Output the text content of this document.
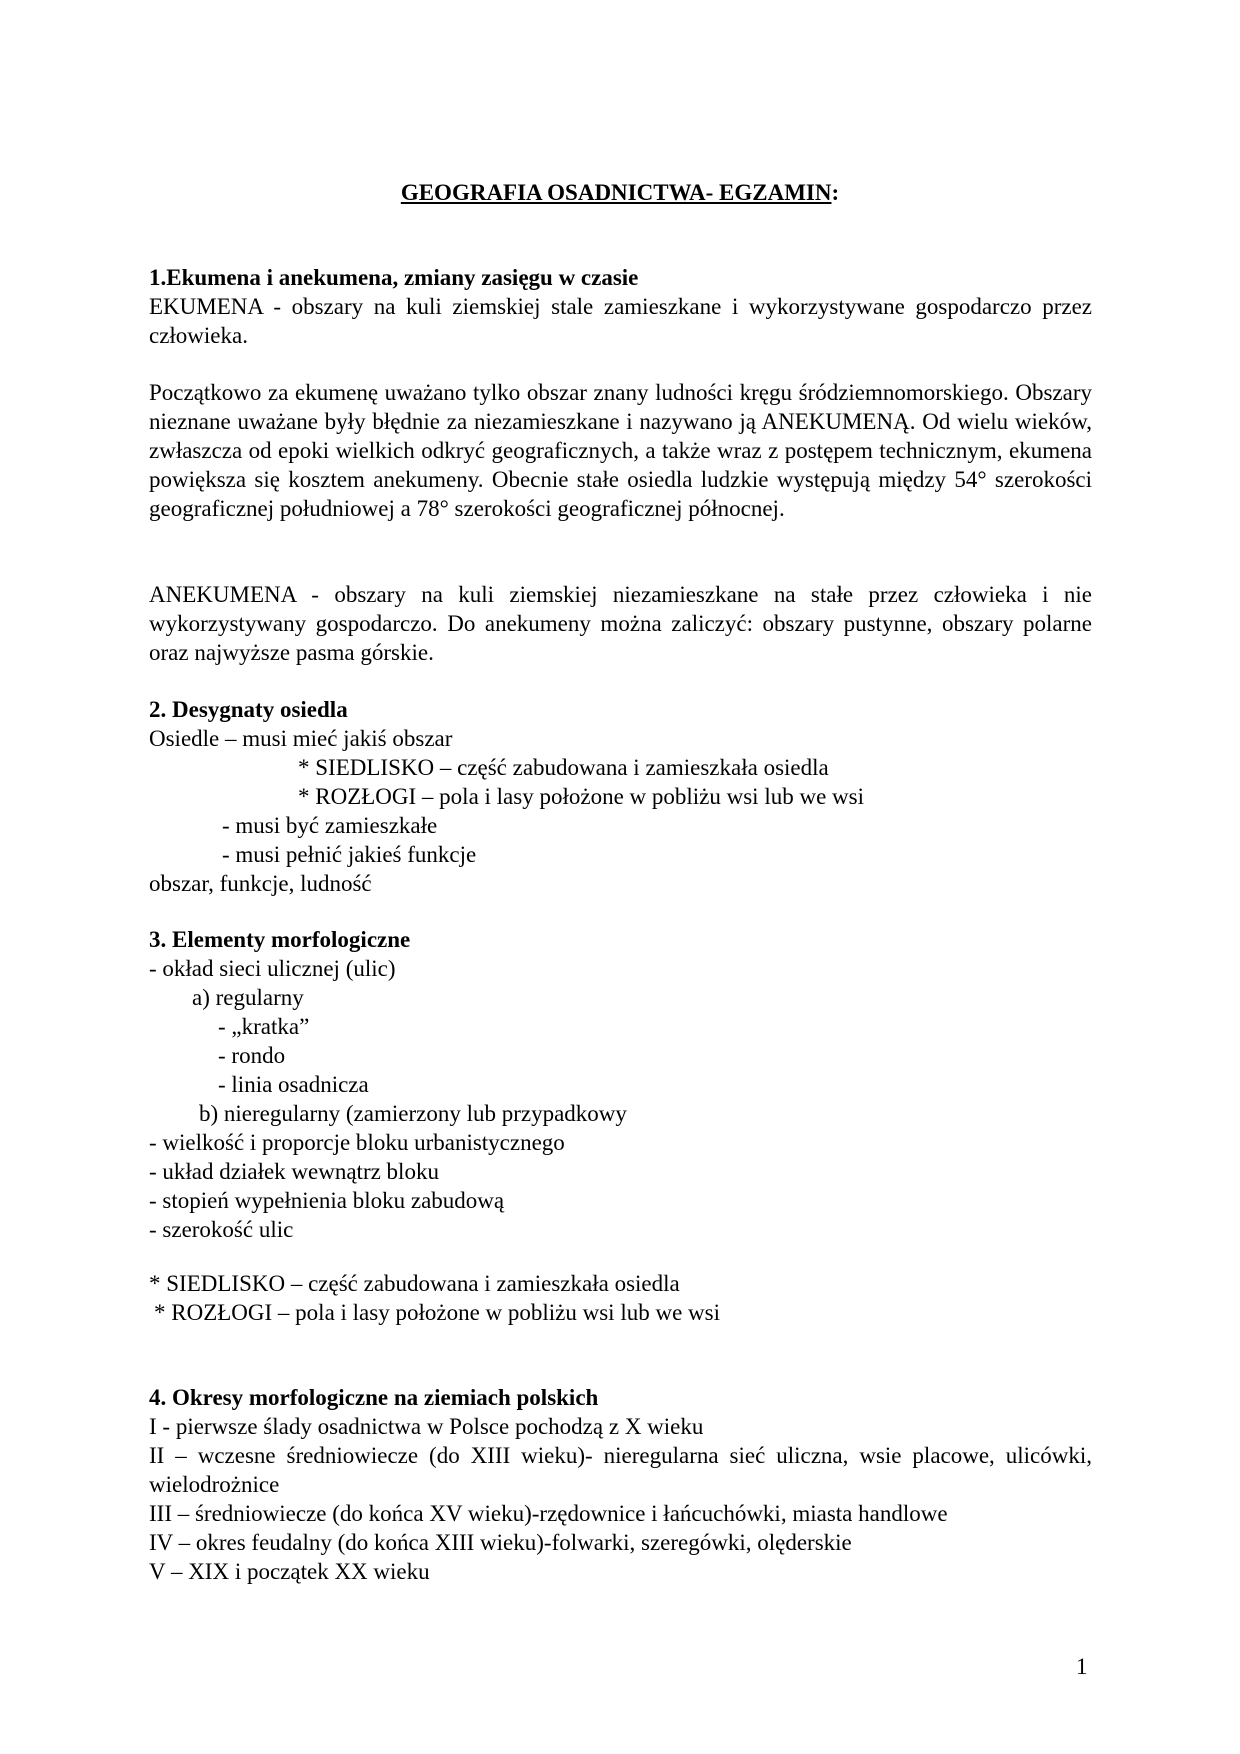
GEOGRAFIA OSADNICTWA- EGZAMIN:
1.Ekumena i anekumena, zmiany zasięgu w czasie

EKUMENA - obszary na kuli ziemskiej stale zamieszkane i wykorzystywane gospodarczo przez człowieka.

Początkowo za ekumenę uważano tylko obszar znany ludności kręgu śródziemnomorskiego. Obszary nieznane uważane były błędnie za niezamieszkane i nazywano ją ANEKUMENĄ. Od wielu wieków, zwłaszcza od epoki wielkich odkryć geograficznych, a także wraz z postępem technicznym, ekumena powiększa się kosztem anekumeny. Obecnie stałe osiedla ludzkie występują między 54° szerokości geograficznej południowej a 78° szerokości geograficznej północnej.

ANEKUMENA - obszary na kuli ziemskiej niezamieszkane na stałe przez człowieka i nie wykorzystywany gospodarczo. Do anekumeny można zaliczyć: obszary pustynne, obszary polarne oraz najwyższe pasma górskie.

2. Desygnaty osiedla
Osiedle – musi mieć jakiś obszar
* SIEDLISKO – część zabudowana i zamieszkała osiedla
* ROZŁOGI – pola i lasy położone w pobliżu wsi lub we wsi
- musi być zamieszkałe
- musi pełnić jakieś funkcje
obszar, funkcje, ludność
3. Elementy morfologiczne
- okład sieci ulicznej (ulic)
a) regularny
- „kratka”
- rondo
- linia osadnicza
b) nieregularny (zamierzony lub przypadkowy
- wielkość i proporcje bloku urbanistycznego
- układ działek wewnątrz bloku
- stopień wypełnienia bloku zabudową
- szerokość ulic
* SIEDLISKO – część zabudowana i zamieszkała osiedla
* ROZŁOGI – pola i lasy położone w pobliżu wsi lub we wsi
4. Okresy morfologiczne na ziemiach polskich
I - pierwsze ślady osadnictwa w Polsce pochodzą z X wieku

II – wczesne średniowiecze (do XIII wieku)- nieregularna sieć uliczna, wsie placowe, ulicówki, wielodrożnice

III – średniowiecze (do końca XV wieku)-rzędownice i łańcuchówki, miasta handlowe
IV – okres feudalny (do końca XIII wieku)-folwarki, szeregówki, olęderskie
V – XIX i początek XX wieku
1
